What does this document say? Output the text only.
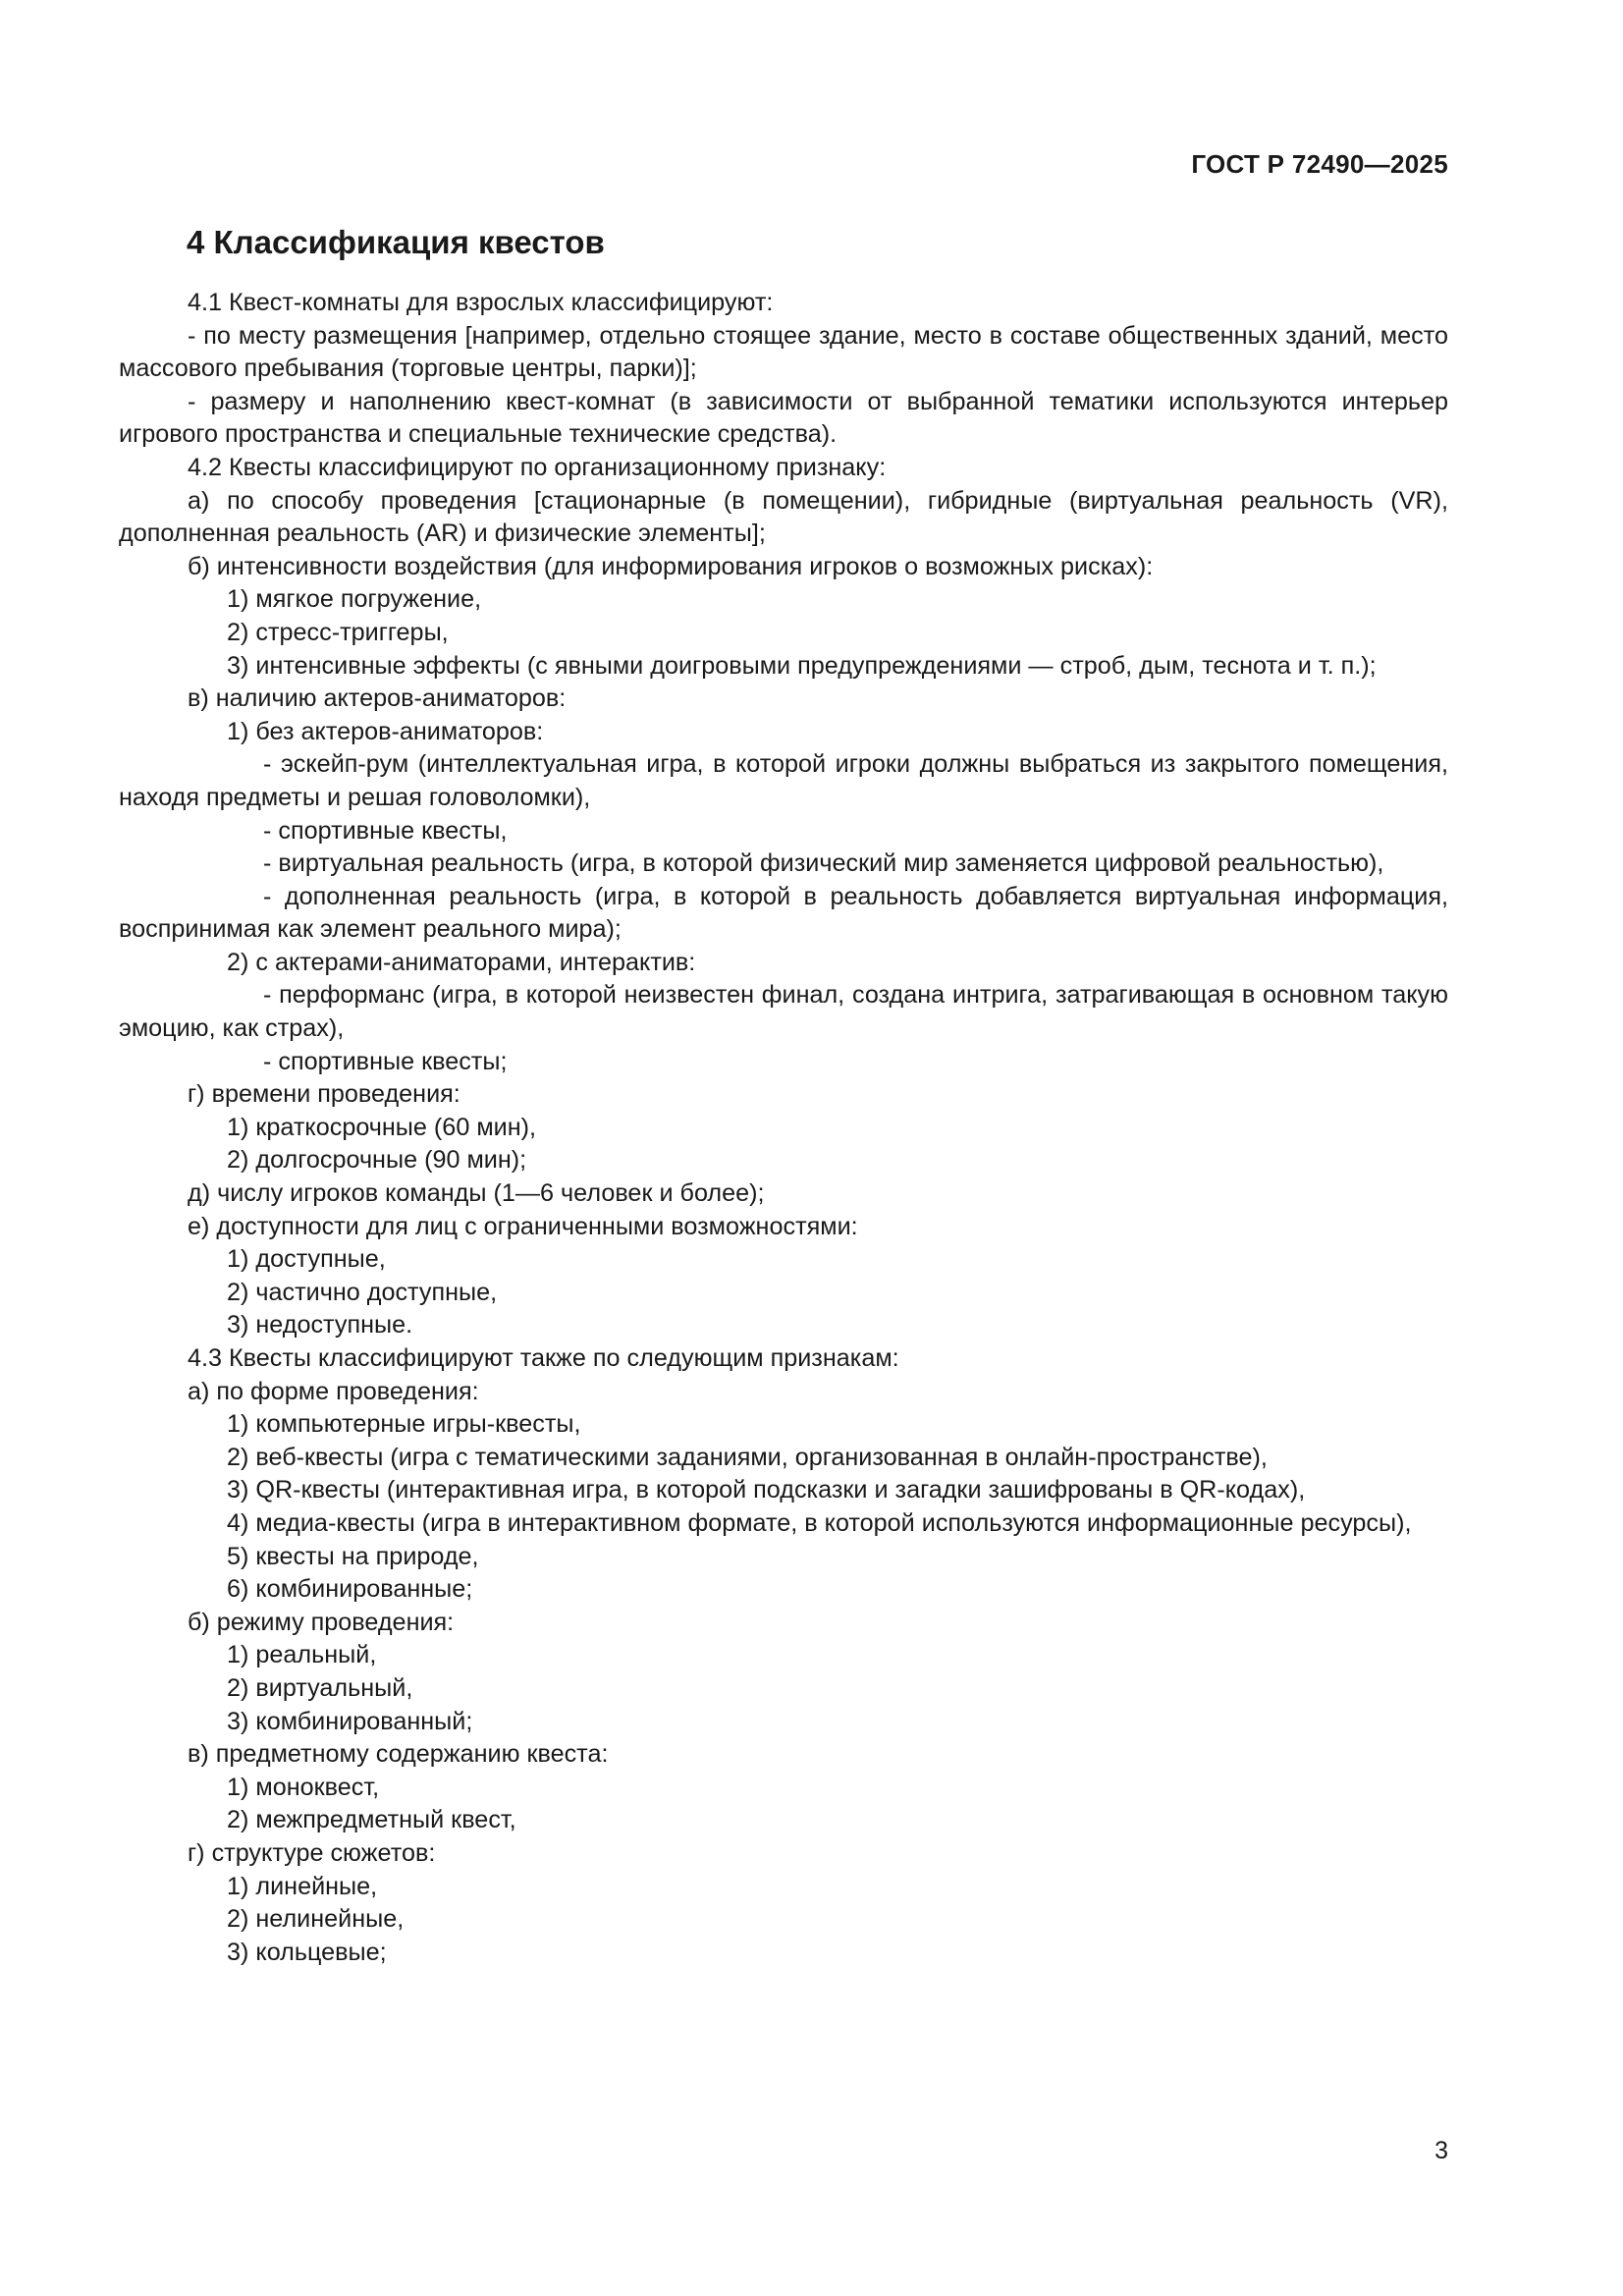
ГОСТ Р 72490—2025
4 Классификация квестов

4.1 Квест-комнаты для взрослых классифицируют:

- по месту размещения [например, отдельно стоящее здание, место в составе общественных зданий, место массового пребывания (торговые центры, парки)];

- размеру и наполнению квест-комнат (в зависимости от выбранной тематики используются интерьер игрового пространства и специальные технические средства).

4.2 Квесты классифицируют по организационному признаку:

а) по способу проведения [стационарные (в помещении), гибридные (виртуальная реальность (VR), дополненная реальность (AR) и физические элементы];

б) интенсивности воздействия (для информирования игроков о возможных рисках):

1) мягкое погружение,

2) стресс-триггеры,

3) интенсивные эффекты (с явными доигровыми предупреждениями — строб, дым, теснота и т. п.);

в) наличию актеров-аниматоров:

1) без актеров-аниматоров:

- эскейп-рум (интеллектуальная игра, в которой игроки должны выбраться из закрытого помещения, находя предметы и решая головоломки),

- спортивные квесты,

- виртуальная реальность (игра, в которой физический мир заменяется цифровой реальностью),

- дополненная реальность (игра, в которой в реальность добавляется виртуальная информация, воспринимая как элемент реального мира);

2) с актерами-аниматорами, интерактив:

- перформанс (игра, в которой неизвестен финал, создана интрига, затрагивающая в основном такую эмоцию, как страх),

- спортивные квесты;

г) времени проведения:

1) краткосрочные (60 мин),

2) долгосрочные (90 мин);

д) числу игроков команды (1—6 человек и более);

е) доступности для лиц с ограниченными возможностями:

1) доступные,

2) частично доступные,

3) недоступные.

4.3 Квесты классифицируют также по следующим признакам:

а) по форме проведения:

1) компьютерные игры-квесты,

2) веб-квесты (игра с тематическими заданиями, организованная в онлайн-пространстве),

3) QR-квесты (интерактивная игра, в которой подсказки и загадки зашифрованы в QR-кодах),

4) медиа-квесты (игра в интерактивном формате, в которой используются информационные ресурсы),

5) квесты на природе,

6) комбинированные;

б) режиму проведения:

1) реальный,

2) виртуальный,

3) комбинированный;

в) предметному содержанию квеста:

1) моноквест,

2) межпредметный квест,

г) структуре сюжетов:

1) линейные,

2) нелинейные,

3) кольцевые;

3
